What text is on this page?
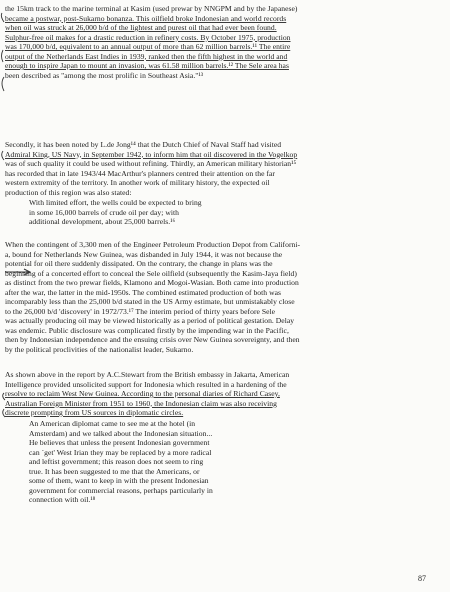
the 15km track to the marine terminal at Kasim (used prewar by NNGPM and by the Japanese)
became a postwar, post-Sukarno bonanza. This oilfield broke Indonesian and world records
when oil was struck at 26,000 b/d of the lightest and purest oil that had ever been found.
Sulphur-free oil makes for a drastic reduction in refinery costs. By October 1975, production
was 170,000 b/d, equivalent to an annual output of more than 62 million barrels.¹¹ The entire
output of the Netherlands East Indies in 1939, ranked then the fifth highest in the world and
enough to inspire Japan to mount an invasion, was 61.58 million barrels.¹² The Sele area has
been described as "among the most prolific in Southeast Asia."¹³
Secondly, it has been noted by L.de Jong¹⁴ that the Dutch Chief of Naval Staff had visited
Admiral King, US Navy, in September 1942, to inform him that oil discovered in the Vogelkop
was of such quality it could be used without refining. Thirdly, an American military historian¹⁵
has recorded that in late 1943/44 MacArthur's planners centred their attention on the far
western extremity of the territory. In another work of military history, the expected oil
production of this region was also stated:
With limited effort, the wells could be expected to bring
in some 16,000 barrels of crude oil per day; with
additional development, about 25,000 barrels.¹⁶
When the contingent of 3,300 men of the Engineer Petroleum Production Depot from Californi-
a, bound for Netherlands New Guinea, was disbanded in July 1944, it was not because the
potential for oil there suddenly dissipated. On the contrary, the change in plans was the
beginning of a concerted effort to conceal the Sele oilfield (subsequently the Kasim-Jaya field)
as distinct from the two prewar fields, Klamono and Mogoi-Wasian. Both came into production
after the war, the latter in the mid-1950s. The combined estimated production of both was
incomparably less than the 25,000 b/d stated in the US Army estimate, but unmistakably close
to the 26,000 b/d 'discovery' in 1972/73.¹⁷ The interim period of thirty years before Sele
was actually producing oil may be viewed historically as a period of political gestation. Delay
was endemic. Public disclosure was complicated firstly by the impending war in the Pacific,
then by Indonesian independence and the ensuing crisis over New Guinea sovereignty, and then
by the political proclivities of the nationalist leader, Sukarno.
As shown above in the report by A.C.Stewart from the British embassy in Jakarta, American
Intelligence provided unsolicited support for Indonesia which resulted in a hardening of the
resolve to reclaim West New Guinea. According to the personal diaries of Richard Casey,
Australian Foreign Minister from 1951 to 1960, the Indonesian claim was also receiving
discrete prompting from US sources in diplomatic circles.
An American diplomat came to see me at the hotel (in
Amsterdam) and we talked about the Indonesian situation...
He believes that unless the present Indonesian government
can `get' West Irian they may be replaced by a more radical
and leftist government; this reason does not seem to ring
true. It has been suggested to me that the Americans, or
some of them, want to keep in with the present Indonesian
government for commercial reasons, perhaps particularly in
connection with oil.¹⁸
87
